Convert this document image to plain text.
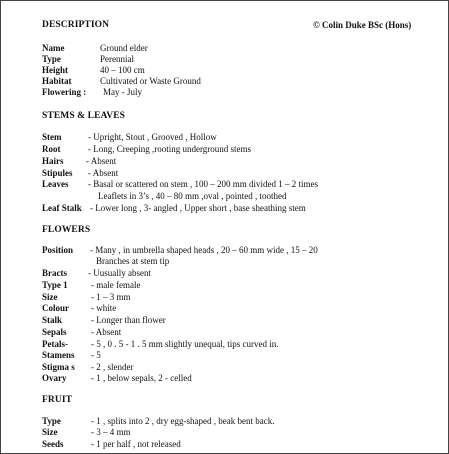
DESCRIPTION	© Colin Duke BSc (Hons)
Name	Ground elder
Type	Perennial
Height	40 – 100 cm
Habitat	Cultivated or Waste Ground
Flowering : May - July
STEMS & LEAVES
Stem	- Upright, Stout , Grooved , Hollow
Root	- Long, Creeping ,rooting underground stems
Hairs	- Absent
Stipules - Absent
Leaves - Basal or scattered on stem , 100 – 200 mm divided 1 – 2 times
Leaflets in 3’s , 40 – 80 mm ,oval , pointed , toothed
Leaf Stalk - Lower long , 3- angled , Upper short , base sheathing stem
FLOWERS
Position - Many , in umbrella shaped heads , 20 – 60 mm wide , 15 – 20
Branches at stem tip
Bracts - Uusually absent
Type 1	- male female
Size	- 1 – 3 mm
Colour - white
Stalk	- Longer than flower
Sepals	- Absent
Petals-	- 5 , 0 . 5 - 1 . 5 mm slightly unequal, tips curved in.
Stamens - 5
Stigma s - 2 , slender
Ovary	- 1 , below sepals, 2 - celled
FRUIT
Type	- 1 , splits into 2 , dry egg-shaped , beak bent back.
Size	- 3 – 4 mm
Seeds	- 1 per half , not released
